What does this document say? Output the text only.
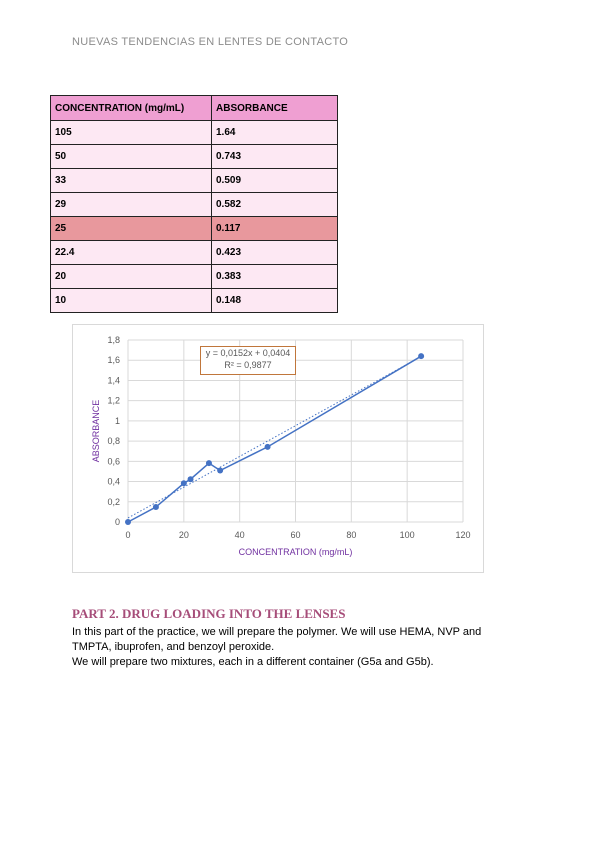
NUEVAS TENDENCIAS EN LENTES DE CONTACTO
CONCENTRATION (mg/mL)	ABSORBANCE
105	1.64
50	0.743
33	0.509
29	0.582
25	0.117
22.4	0.423
20	0.383
10	0.148
0
0,2
0,4
0,6
0,8
1
1,2
1,4
1,6
1,8
0	20	40	60	80	100	120
CONCENTRATION (mg/mL)
ABSORBANCE
y = 0,0152x + 0,0404
R² = 0,9877
PART 2. DRUG LOADING INTO THE LENSES

In this part of the practice, we will prepare the polymer. We will use HEMA, NVP and TMPTA, ibuprofen, and benzoyl peroxide.

We will prepare two mixtures, each in a different container (G5a and G5b).
